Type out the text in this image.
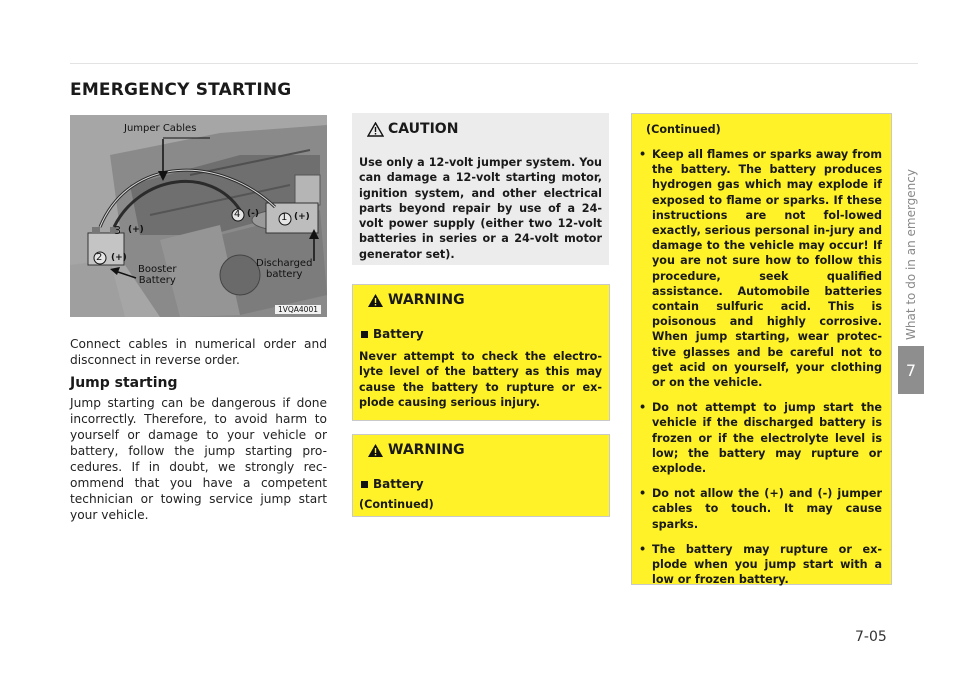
EMERGENCY STARTING
Jumper Cables
3 (+)
2 (+)
4 (-) 1 (+)
Booster
Battery
Discharged
battery
1VQA4001

Connect cables in numerical order and disconnect in reverse order.

Jump starting

Jump starting can be dangerous if done incorrectly. Therefore, to avoid harm to yourself or damage to your vehicle or battery, follow the jump starting pro-cedures. If in doubt, we strongly rec-ommend that you have a competent technician or towing service jump start your vehicle.

CAUTION

Use only a 12-volt jumper system. You can damage a 12-volt starting motor, ignition system, and other electrical parts beyond repair by use of a 24-volt power supply (either two 12-volt batteries in series or a 24-volt motor generator set).

WARNING
Battery

Never attempt to check the electro-lyte level of the battery as this may cause the battery to rupture or ex-plode causing serious injury.

WARNING
Battery

(Continued)

(Continued)

• Keep all flames or sparks away from the battery. The battery produces hydrogen gas which may explode if exposed to flame or sparks. If these instructions are not fol-lowed exactly, serious personal in-jury and damage to the vehicle may occur! If you are not sure how to follow this procedure, seek qualified assistance. Automobile batteries contain sulfuric acid. This is poisonous and highly corrosive. When jump starting, wear protec-tive glasses and be careful not to get acid on yourself, your clothing or on the vehicle.
• Do not attempt to jump start the vehicle if the discharged battery is frozen or if the electrolyte level is low; the battery may rupture or explode.
• Do not allow the (+) and (-) jumper cables to touch. It may cause sparks.
• The battery may rupture or ex-plode when you jump start with a low or frozen battery.
What to do in an emergency
7
7-05
